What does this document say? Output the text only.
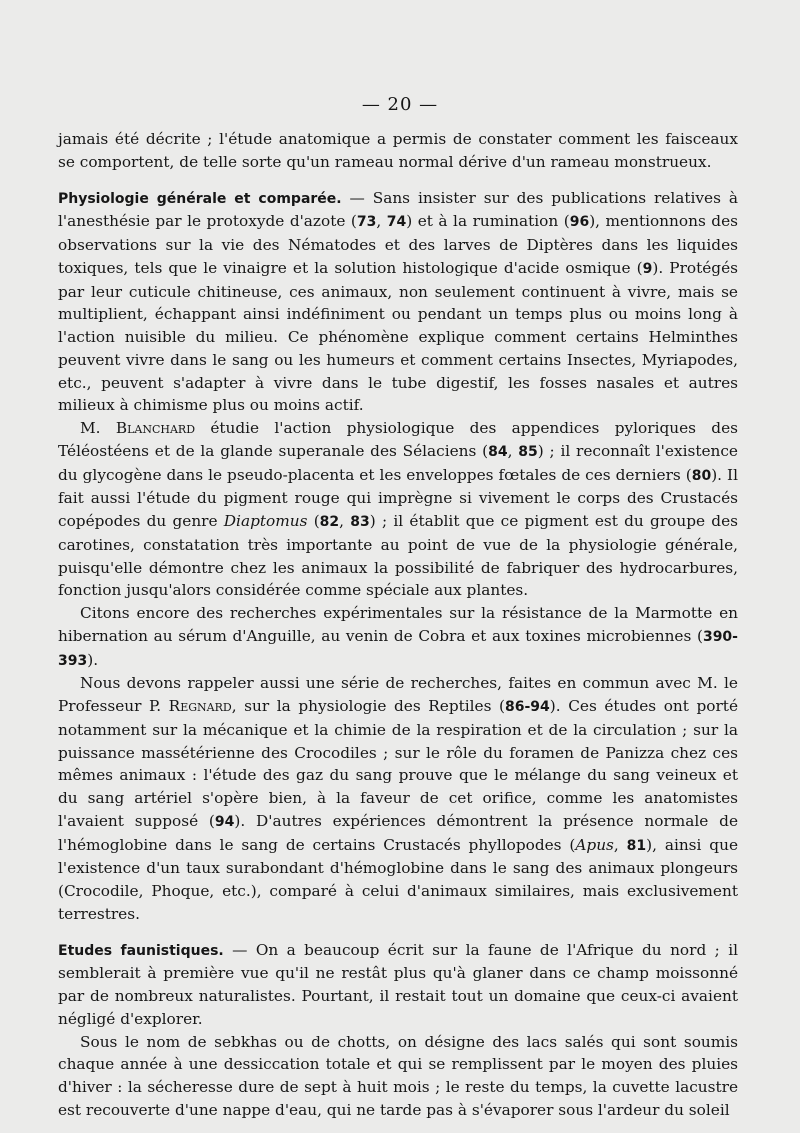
— 20 —

jamais été décrite ; l'étude anatomique a permis de constater comment les faisceaux se comportent, de telle sorte qu'un rameau normal dérive d'un rameau monstrueux.

Physiologie générale et comparée. — Sans insister sur des publications relatives à l'anesthésie par le protoxyde d'azote (73, 74) et à la rumination (96), mentionnons des observations sur la vie des Nématodes et des larves de Diptères dans les liquides toxiques, tels que le vinaigre et la solution histologique d'acide osmique (9). Protégés par leur cuticule chitineuse, ces animaux, non seulement continuent à vivre, mais se multiplient, échappant ainsi indéfiniment ou pendant un temps plus ou moins long à l'action nuisible du milieu. Ce phénomène explique comment certains Helminthes peuvent vivre dans le sang ou les humeurs et comment certains Insectes, Myriapodes, etc., peuvent s'adapter à vivre dans le tube digestif, les fosses nasales et autres milieux à chimisme plus ou moins actif.

M. Blanchard étudie l'action physiologique des appendices pyloriques des Téléostéens et de la glande superanale des Sélaciens (84, 85) ; il reconnaît l'existence du glycogène dans le pseudo-placenta et les enveloppes fœtales de ces derniers (80). Il fait aussi l'étude du pigment rouge qui imprègne si vivement le corps des Crustacés copépodes du genre Diaptomus (82, 83) ; il établit que ce pigment est du groupe des carotines, constatation très importante au point de vue de la physiologie générale, puisqu'elle démontre chez les animaux la possibilité de fabriquer des hydrocarbures, fonction jusqu'alors considérée comme spéciale aux plantes.

Citons encore des recherches expérimentales sur la résistance de la Marmotte en hibernation au sérum d'Anguille, au venin de Cobra et aux toxines microbiennes (390-393).

Nous devons rappeler aussi une série de recherches, faites en commun avec M. le Professeur P. Regnard, sur la physiologie des Reptiles (86-94). Ces études ont porté notamment sur la mécanique et la chimie de la respiration et de la circulation ; sur la puissance massétérienne des Crocodiles ; sur le rôle du foramen de Panizza chez ces mêmes animaux : l'étude des gaz du sang prouve que le mélange du sang veineux et du sang artériel s'opère bien, à la faveur de cet orifice, comme les anatomistes l'avaient supposé (94). D'autres expériences démontrent la présence normale de l'hémoglobine dans le sang de certains Crustacés phyllopodes (Apus, 81), ainsi que l'existence d'un taux surabondant d'hémoglobine dans le sang des animaux plongeurs (Crocodile, Phoque, etc.), comparé à celui d'animaux similaires, mais exclusivement terrestres.

Etudes faunistiques. — On a beaucoup écrit sur la faune de l'Afrique du nord ; il semblerait à première vue qu'il ne restât plus qu'à glaner dans ce champ moissonné par de nombreux naturalistes. Pourtant, il restait tout un domaine que ceux-ci avaient négligé d'explorer.

Sous le nom de sebkhas ou de chotts, on désigne des lacs salés qui sont soumis chaque année à une dessiccation totale et qui se remplissent par le moyen des pluies d'hiver : la sécheresse dure de sept à huit mois ; le reste du temps, la cuvette lacustre est recouverte d'une nappe d'eau, qui ne tarde pas à s'évaporer sous l'ardeur du soleil
